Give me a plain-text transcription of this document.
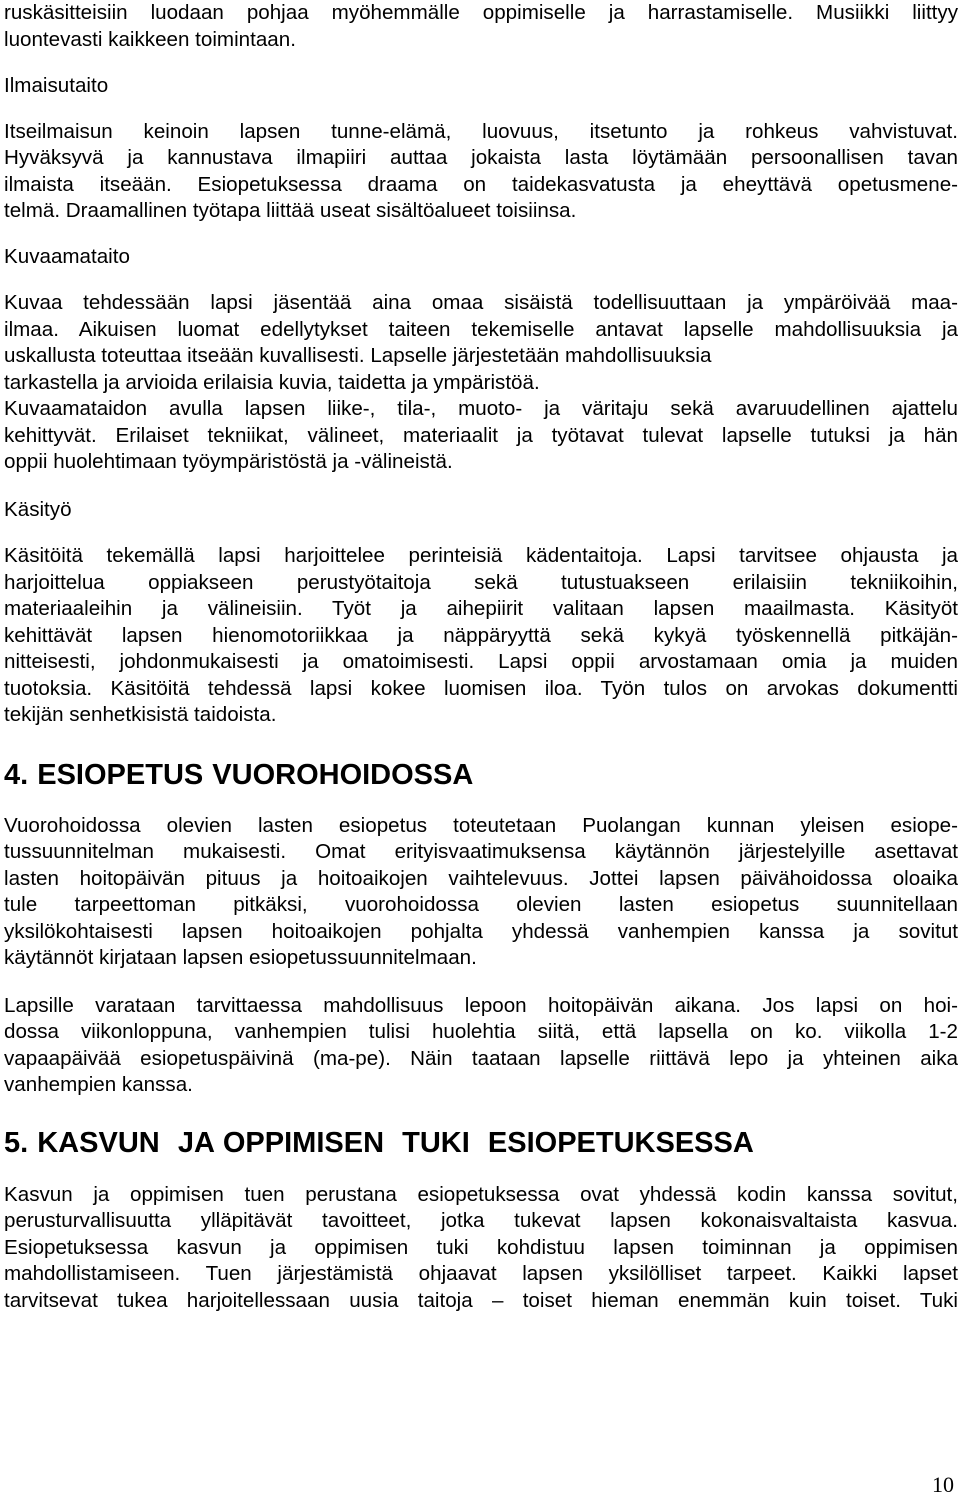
ruskäsitteisiin luodaan pohjaa myöhemmälle oppimiselle ja harrastamiselle. Musiikki liittyy
luontevasti kaikkeen toimintaan.
Ilmaisutaito
Itseilmaisun keinoin lapsen tunne-elämä, luovuus, itsetunto ja rohkeus vahvistuvat.
Hyväksyvä ja kannustava ilmapiiri auttaa jokaista lasta löytämään persoonallisen tavan
ilmaista itseään. Esiopetuksessa draama on taidekasvatusta ja eheyttävä opetusmene-
telmä. Draamallinen työtapa liittää useat sisältöalueet toisiinsa.
Kuvaamataito
Kuvaa tehdessään lapsi jäsentää aina omaa sisäistä todellisuuttaan ja ympäröivää maa-
ilmaa. Aikuisen luomat edellytykset taiteen tekemiselle antavat lapselle mahdollisuuksia ja
uskallusta toteuttaa itseään kuvallisesti. Lapselle järjestetään mahdollisuuksia
tarkastella ja arvioida erilaisia kuvia, taidetta ja ympäristöä.
Kuvaamataidon avulla lapsen liike-, tila-, muoto- ja väritaju sekä avaruudellinen ajattelu
kehittyvät. Erilaiset tekniikat, välineet, materiaalit ja työtavat tulevat lapselle tutuksi ja hän
oppii huolehtimaan työympäristöstä ja -välineistä.
Käsityö
Käsitöitä tekemällä lapsi harjoittelee perinteisiä kädentaitoja. Lapsi tarvitsee ohjausta ja
harjoittelua oppiakseen perustyötaitoja sekä tutustuakseen erilaisiin tekniikoihin,
materiaaleihin ja välineisiin. Työt ja aihepiirit valitaan lapsen maailmasta. Käsityöt
kehittävät lapsen hienomotoriikkaa ja näppäryyttä sekä kykyä työskennellä pitkäjän-
nitteisesti, johdonmukaisesti ja omatoimisesti. Lapsi oppii arvostamaan omia ja muiden
tuotoksia. Käsitöitä tehdessä lapsi kokee luomisen iloa. Työn tulos on arvokas dokumentti
tekijän senhetkisistä taidoista.
4. ESIOPETUS VUOROHOIDOSSA
Vuorohoidossa olevien lasten esiopetus toteutetaan Puolangan kunnan yleisen esiope-
tussuunnitelman mukaisesti. Omat erityisvaatimuksensa käytännön järjestelyille asettavat
lasten hoitopäivän pituus ja hoitoaikojen vaihtelevuus. Jottei lapsen päivähoidossa oloaika
tule tarpeettoman pitkäksi, vuorohoidossa olevien lasten esiopetus suunnitellaan
yksilökohtaisesti lapsen hoitoaikojen pohjalta yhdessä vanhempien kanssa ja sovitut
käytännöt kirjataan lapsen esiopetussuunnitelmaan.
Lapsille varataan tarvittaessa mahdollisuus lepoon hoitopäivän aikana. Jos lapsi on hoi-
dossa viikonloppuna, vanhempien tulisi huolehtia siitä, että lapsella on ko. viikolla 1-2
vapaapäivää esiopetuspäivinä (ma-pe). Näin taataan lapselle riittävä lepo ja yhteinen aika
vanhempien kanssa.
5. KASVUN  JA OPPIMISEN  TUKI  ESIOPETUKSESSA
Kasvun ja oppimisen tuen perustana esiopetuksessa ovat yhdessä kodin kanssa sovitut,
perusturvallisuutta ylläpitävät tavoitteet, jotka tukevat lapsen kokonaisvaltaista kasvua.
Esiopetuksessa kasvun ja oppimisen tuki kohdistuu lapsen toiminnan ja oppimisen
mahdollistamiseen. Tuen järjestämistä ohjaavat lapsen yksilölliset tarpeet. Kaikki lapset
tarvitsevat tukea harjoitellessaan uusia taitoja – toiset hieman enemmän kuin toiset. Tuki
10
